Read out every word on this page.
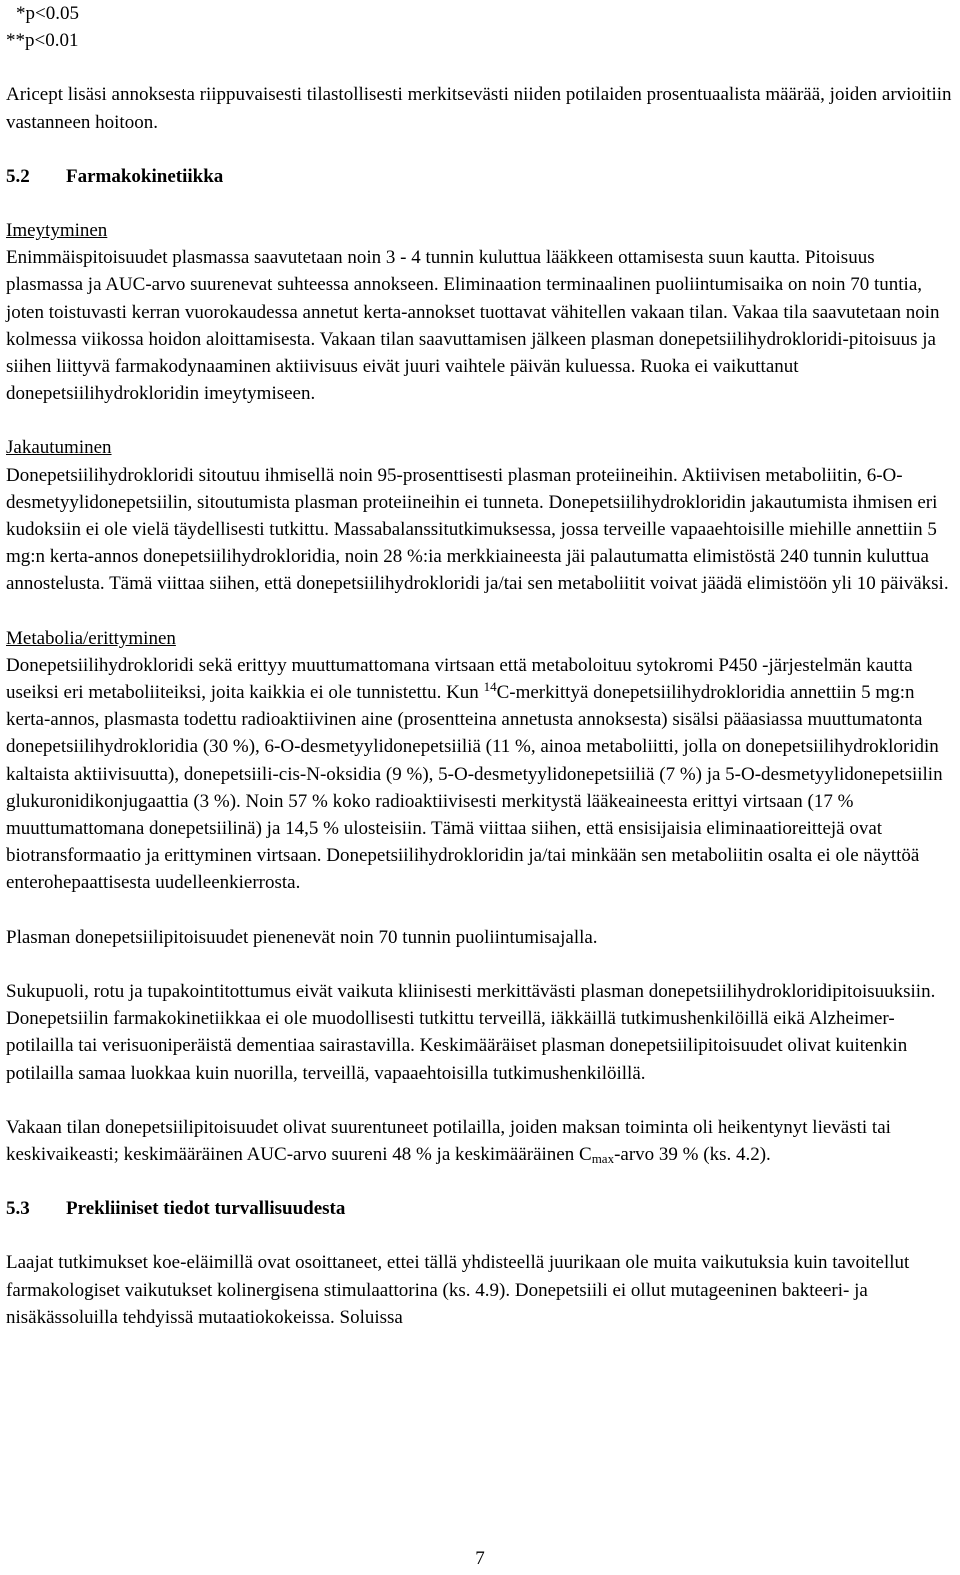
*p<0.05

**p<0.01

Aricept lisäsi annoksesta riippuvaisesti tilastollisesti merkitsevästi niiden potilaiden prosentuaalista määrää, joiden arvioitiin vastanneen hoitoon.

5.2 Farmakokinetiikka

Imeytyminen

Enimmäispitoisuudet plasmassa saavutetaan noin 3 - 4 tunnin kuluttua lääkkeen ottamisesta suun kautta. Pitoisuus plasmassa ja AUC-arvo suurenevat suhteessa annokseen. Eliminaation terminaalinen puoliintumisaika on noin 70 tuntia, joten toistuvasti kerran vuorokaudessa annetut kerta-annokset tuottavat vähitellen vakaan tilan. Vakaa tila saavutetaan noin kolmessa viikossa hoidon aloittamisesta. Vakaan tilan saavuttamisen jälkeen plasman donepetsiilihydrokloridi-pitoisuus ja siihen liittyvä farmakodynaaminen aktiivisuus eivät juuri vaihtele päivän kuluessa. Ruoka ei vaikuttanut donepetsiilihydrokloridin imeytymiseen.

Jakautuminen

Donepetsiilihydrokloridi sitoutuu ihmisellä noin 95-prosenttisesti plasman proteiineihin. Aktiivisen metaboliitin, 6-O-desmetyylidonepetsiilin, sitoutumista plasman proteiineihin ei tunneta. Donepetsiilihydrokloridin jakautumista ihmisen eri kudoksiin ei ole vielä täydellisesti tutkittu. Massabalanssitutkimuksessa, jossa terveille vapaaehtoisille miehille annettiin 5 mg:n kerta-annos donepetsiilihydrokloridia, noin 28 %:ia merkkiaineesta jäi palautumatta elimistöstä 240 tunnin kuluttua annostelusta. Tämä viittaa siihen, että donepetsiilihydrokloridi ja/tai sen metaboliitit voivat jäädä elimistöön yli 10 päiväksi.

Metabolia/erittyminen

Donepetsiilihydrokloridi sekä erittyy muuttumattomana virtsaan että metaboloituu sytokromi P450 -järjestelmän kautta useiksi eri metaboliiteiksi, joita kaikkia ei ole tunnistettu. Kun $^{14}$C-merkittyä donepetsiilihydrokloridia annettiin 5 mg:n kerta-annos, plasmasta todettu radioaktiivinen aine (prosentteina annetusta annoksesta) sisälsi pääasiassa muuttumatonta donepetsiilihydrokloridia (30 %), 6-O-desmetyylidonepetsiiliä (11 %, ainoa metaboliitti, jolla on donepetsiilihydrokloridin kaltaista aktiivisuutta), donepetsiili-cis-N-oksidia (9 %), 5-O-desmetyylidonepetsiiliä (7 %) ja 5-O-desmetyylidonepetsiilin glukuronidikonjugaattia (3 %). Noin 57 % koko radioaktiivisesti merkitystä lääkeaineesta erittyi virtsaan (17 % muuttumattomana donepetsiilinä) ja 14,5 % ulosteisiin. Tämä viittaa siihen, että ensisijaisia eliminaatioreittejä ovat biotransformaatio ja erittyminen virtsaan. Donepetsiilihydrokloridin ja/tai minkään sen metaboliitin osalta ei ole näyttöä enterohepaattisesta uudelleenkierrosta.

Plasman donepetsiilipitoisuudet pienenevät noin 70 tunnin puoliintumisajalla.

Sukupuoli, rotu ja tupakointitottumus eivät vaikuta kliinisesti merkittävästi plasman donepetsiilihydrokloridipitoisuuksiin. Donepetsiilin farmakokinetiikkaa ei ole muodollisesti tutkittu terveillä, iäkkäillä tutkimushenkilöillä eikä Alzheimer-potilailla tai verisuoniperäistä dementiaa sairastavilla. Keskimääräiset plasman donepetsiilipitoisuudet olivat kuitenkin potilailla samaa luokkaa kuin nuorilla, terveillä, vapaaehtoisilla tutkimushenkilöillä.

Vakaan tilan donepetsiilipitoisuudet olivat suurentuneet potilailla, joiden maksan toiminta oli heikentynyt lievästi tai keskivaikeasti; keskimääräinen AUC-arvo suureni 48 % ja keskimääräinen $C_{max}$-arvo 39 % (ks. 4.2).

5.3 Prekliiniset tiedot turvallisuudesta

Laajat tutkimukset koe-eläimillä ovat osoittaneet, ettei tällä yhdisteellä juurikaan ole muita vaikutuksia kuin tavoitellut farmakologiset vaikutukset kolinergisena stimulaattorina (ks. 4.9). Donepetsiili ei ollut mutageeninen bakteeri- ja nisäkässoluilla tehdyissä mutaatiokokeissa. Soluissa

7
